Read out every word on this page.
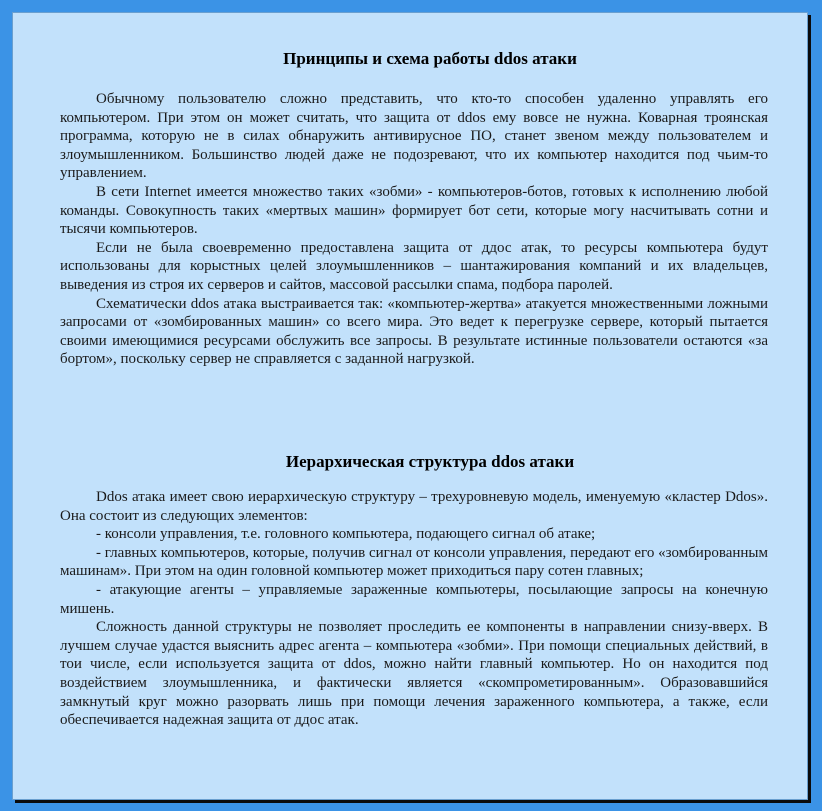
Принципы и схема работы ddos атаки

Обычному пользователю сложно представить, что кто-то способен удаленно управлять его компьютером. При этом он может считать, что защита от ddos ему вовсе не нужна. Коварная троянская программа, которую не в силах обнаружить антивирусное ПО, станет звеном между пользователем и злоумышленником. Большинство людей даже не подозревают, что их компьютер находится под чьим-то управлением.

В сети Internet имеется множество таких «зобми» - компьютеров-ботов, готовых к исполнению любой команды. Совокупность таких «мертвых машин» формирует бот сети, которые могу насчитывать сотни и тысячи компьютеров.

Если не была своевременно предоставлена защита от ддос атак, то ресурсы компьютера будут использованы для корыстных целей злоумышленников – шантажирования компаний и их владельцев, выведения из строя их серверов и сайтов, массовой рассылки спама, подбора паролей.

Схематически ddos атака выстраивается так: «компьютер-жертва» атакуется множественными ложными запросами от «зомбированных машин» со всего мира. Это ведет к перегрузке сервере, который пытается своими имеющимися ресурсами обслужить все запросы. В результате истинные пользователи остаются «за бортом», поскольку сервер не справляется с заданной нагрузкой.

Иерархическая структура ddos атаки

Ddos атака имеет свою иерархическую структуру – трехуровневую модель, именуемую «кластер Ddos». Она состоит из следующих элементов:

- консоли управления, т.е. головного компьютера, подающего сигнал об атаке;

- главных компьютеров, которые, получив сигнал от консоли управления, передают его «зомбированным машинам». При этом на один головной компьютер может приходиться пару сотен главных;

- атакующие агенты – управляемые зараженные компьютеры, посылающие запросы на конечную мишень.

Сложность данной структуры не позволяет проследить ее компоненты в направлении снизу-вверх. В лучшем случае удастся выяснить адрес агента – компьютера «зобми». При помощи специальных действий, в тои числе, если используется защита от ddos, можно найти главный компьютер. Но он находится под воздействием злоумышленника, и фактически является «скомпрометированным». Образовавшийся замкнутый круг можно разорвать лишь при помощи лечения зараженного компьютера, а также, если обеспечивается надежная защита от ддос атак.
